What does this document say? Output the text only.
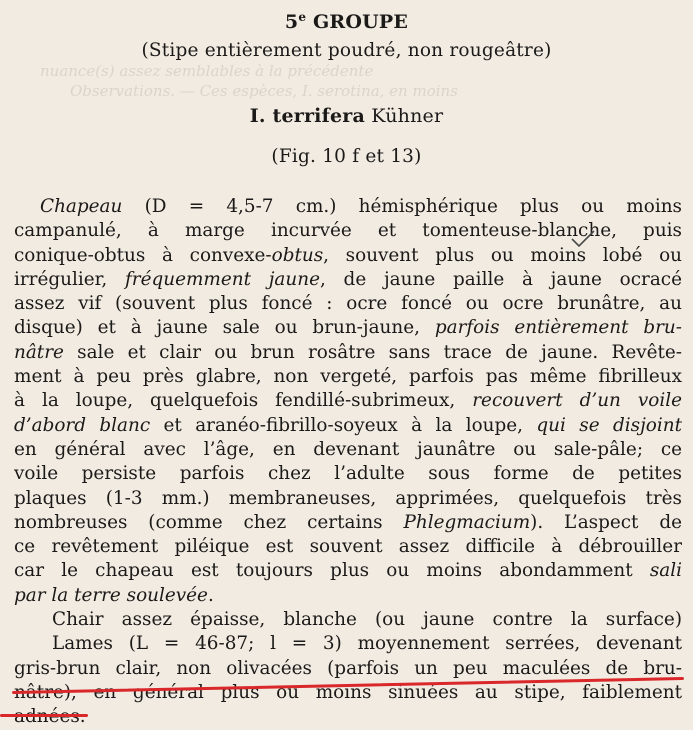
nuance(s) assez semblables à la précédente
Observations. — Ces espèces, I. serotina, en moins
5e GROUPE
(Stipe entièrement poudré, non rougeâtre)
I. terrifera Kühner
(Fig. 10 f et 13)
Chapeau (D = 4,5-7 cm.) hémisphérique plus ou moins
campanulé, à marge incurvée et tomenteuse-blanche, puis
conique-obtus à convexe-obtus, souvent plus ou moins lobé ou
irrégulier, fréquemment jaune, de jaune paille à jaune ocracé
assez vif (souvent plus foncé : ocre foncé ou ocre brunâtre, au
disque) et à jaune sale ou brun-jaune, parfois entièrement bru-
nâtre sale et clair ou brun rosâtre sans trace de jaune. Revête-
ment à peu près glabre, non vergeté, parfois pas même fibrilleux
à la loupe, quelquefois fendillé-subrimeux, recouvert d’un voile
d’abord blanc et aranéo-fibrillo-soyeux à la loupe, qui se disjoint
en général avec l’âge, en devenant jaunâtre ou sale-pâle; ce
voile persiste parfois chez l’adulte sous forme de petites
plaques (1-3 mm.) membraneuses, apprimées, quelquefois très
nombreuses (comme chez certains Phlegmacium). L’aspect de
ce revêtement piléique est souvent assez difficile à débrouiller
car le chapeau est toujours plus ou moins abondamment sali
par la terre soulevée.
Chair assez épaisse, blanche (ou jaune contre la surface)
Lames (L = 46-87; l = 3) moyennement serrées, devenant
gris-brun clair, non olivacées (parfois un peu maculées de bru-
nâtre), en général plus ou moins sinuées au stipe, faiblement
